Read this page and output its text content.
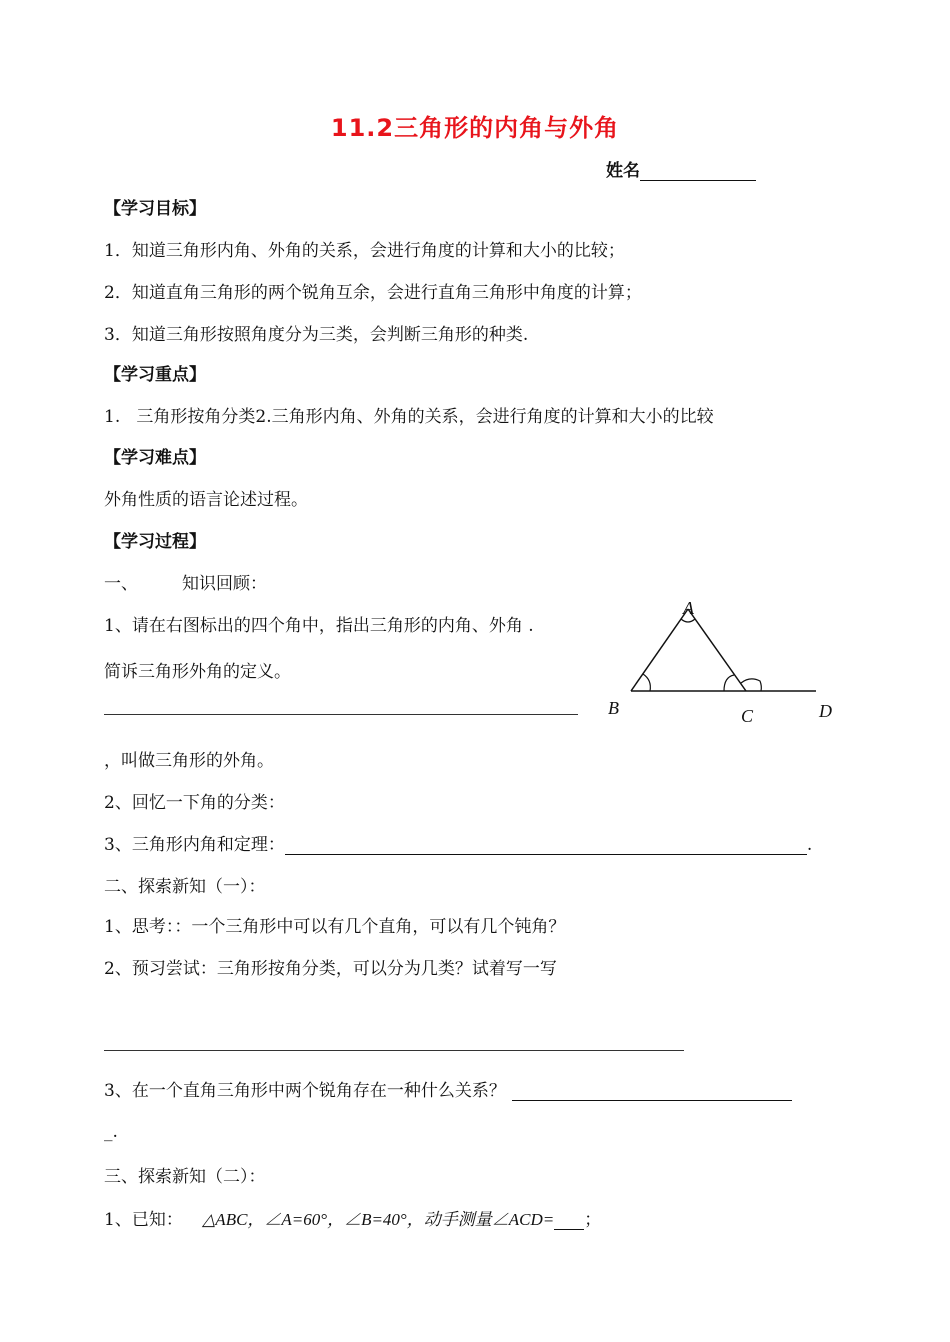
11.2三角形的内角与外角
姓名
【学习目标】
1．知道三角形内角、外角的关系，会进行角度的计算和大小的比较；
2．知道直角三角形的两个锐角互余，会进行直角三角形中角度的计算；
3．知道三角形按照角度分为三类，会判断三角形的种类.
【学习重点】
1.   三角形按角分类2.三角形内角、外角的关系，会进行角度的计算和大小的比较
【学习难点】
外角性质的语言论述过程。
【学习过程】
一、	知识回顾：
1、请在右图标出的四个角中，指出三角形的内角、外角 .
简诉三角形外角的定义。
，叫做三角形的外角。
A
B	C	D
2、回忆一下角的分类：
3、三角形内角和定理：	.
二、探索新知（一）：
1、思考：：一个三角形中可以有几个直角，可以有几个钝角？
2、预习尝试：三角形按角分类，可以分为几类？试着写一写
3、在一个直角三角形中两个锐角存在一种什么关系？
_.
三、探索新知（二）：
1、已知： △ABC，∠A=60°，∠B=40°，动手测量∠ACD= ；
